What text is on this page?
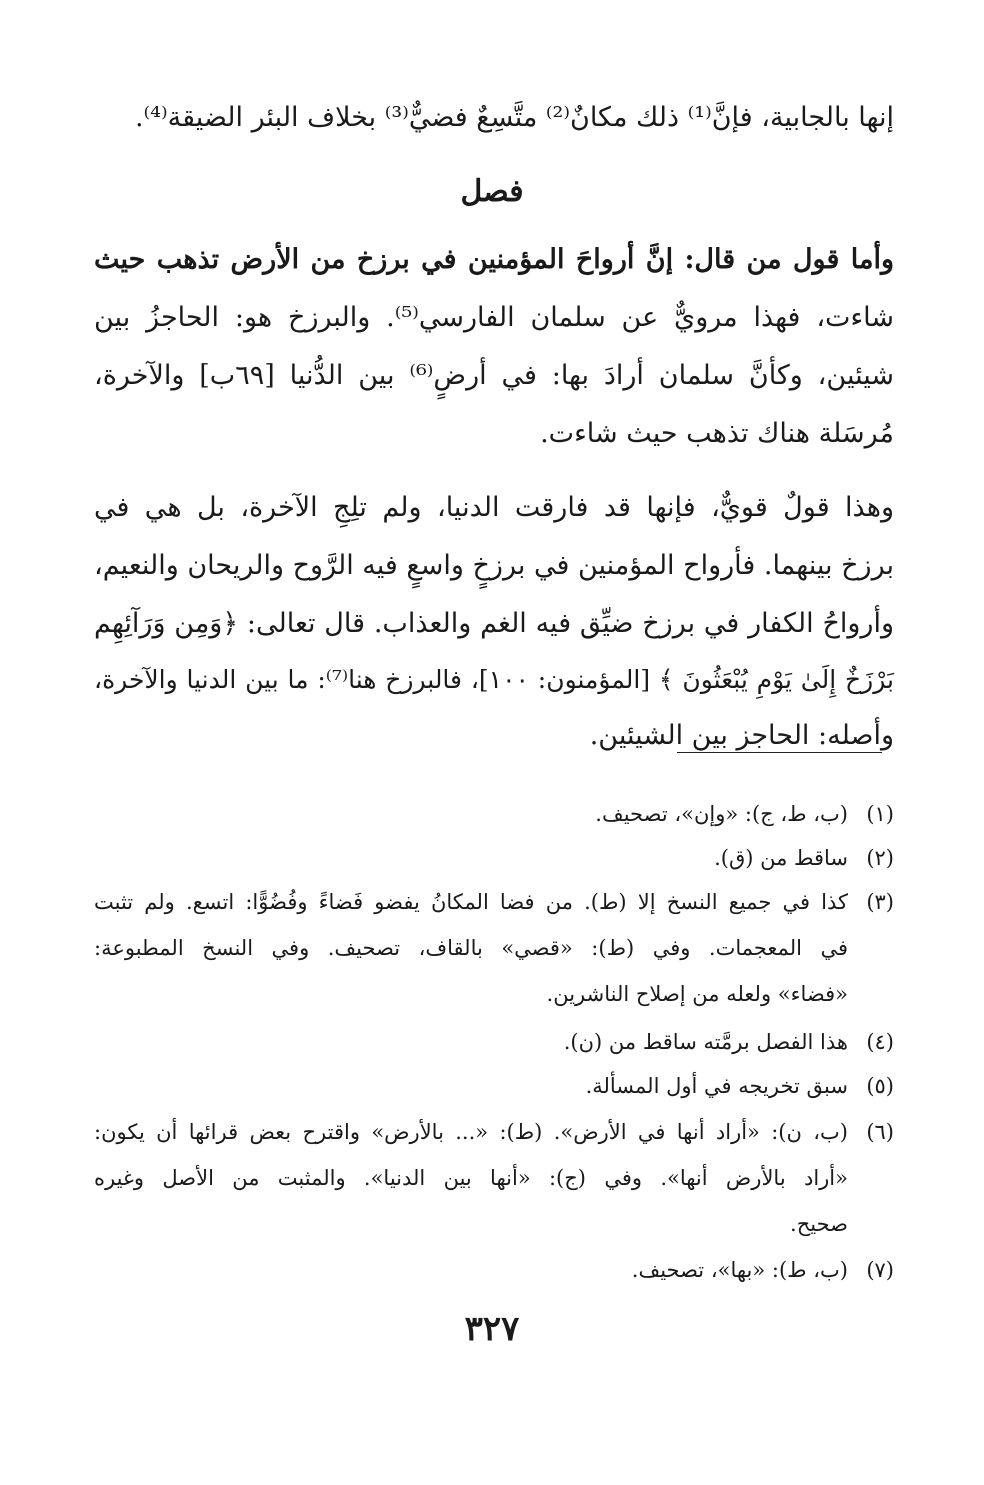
إنها بالجابية، فإنَّ⁽¹⁾ ذلك مكانٌ⁽²⁾ متَّسِعٌ فضيٌّ⁽³⁾ بخلاف البئر الضيقة⁽⁴⁾.
فصل
وأما قول من قال: إنَّ أرواحَ المؤمنين في برزخ من الأرض تذهب حيث
شاءت، فهذا مرويٌّ عن سلمان الفارسي⁽⁵⁾. والبرزخ هو: الحاجزُ بين
شيئين، وكأنَّ سلمان أرادَ بها: في أرضٍ⁽⁶⁾ بين الدُّنيا [٦٩ب] والآخرة،
مُرسَلة هناك تذهب حيث شاءت.
وهذا قولٌ قويٌّ، فإنها قد فارقت الدنيا، ولم تلِجِ الآخرة، بل هي في
برزخ بينهما. فأرواح المؤمنين في برزخٍ واسعٍ فيه الرَّوح والريحان والنعيم،
وأرواحُ الكفار في برزخ ضيِّق فيه الغم والعذاب. قال تعالى: ﴿وَمِن وَرَآئِهِم
بَرْزَخٌ إِلَىٰ يَوْمِ يُبْعَثُونَ ﴾ [المؤمنون: ١٠٠]، فالبرزخ هنا⁽⁷⁾: ما بين الدنيا والآخرة،
وأصله: الحاجز بين الشيئين.
(١)
(ب، ط، ج): «وإن»، تصحيف.
(٢)
ساقط من (ق).
(٣)
كذا في جميع النسخ إلا (ط). من فضا المكانُ يفضو فَضاءً وفُضُوًّا: اتسع. ولم تثبت
في المعجمات. وفي (ط): «قصي» بالقاف، تصحيف. وفي النسخ المطبوعة:
«فضاء» ولعله من إصلاح الناشرين.
(٤)
هذا الفصل برمَّته ساقط من (ن).
(٥)
سبق تخريجه في أول المسألة.
(٦)
(ب، ن): «أراد أنها في الأرض». (ط): «... بالأرض» واقترح بعض قرائها أن يكون:
«أراد بالأرض أنها». وفي (ج): «أنها بين الدنيا». والمثبت من الأصل وغيره
صحيح.
(٧)
(ب، ط): «بها»، تصحيف.
٣٢٧
